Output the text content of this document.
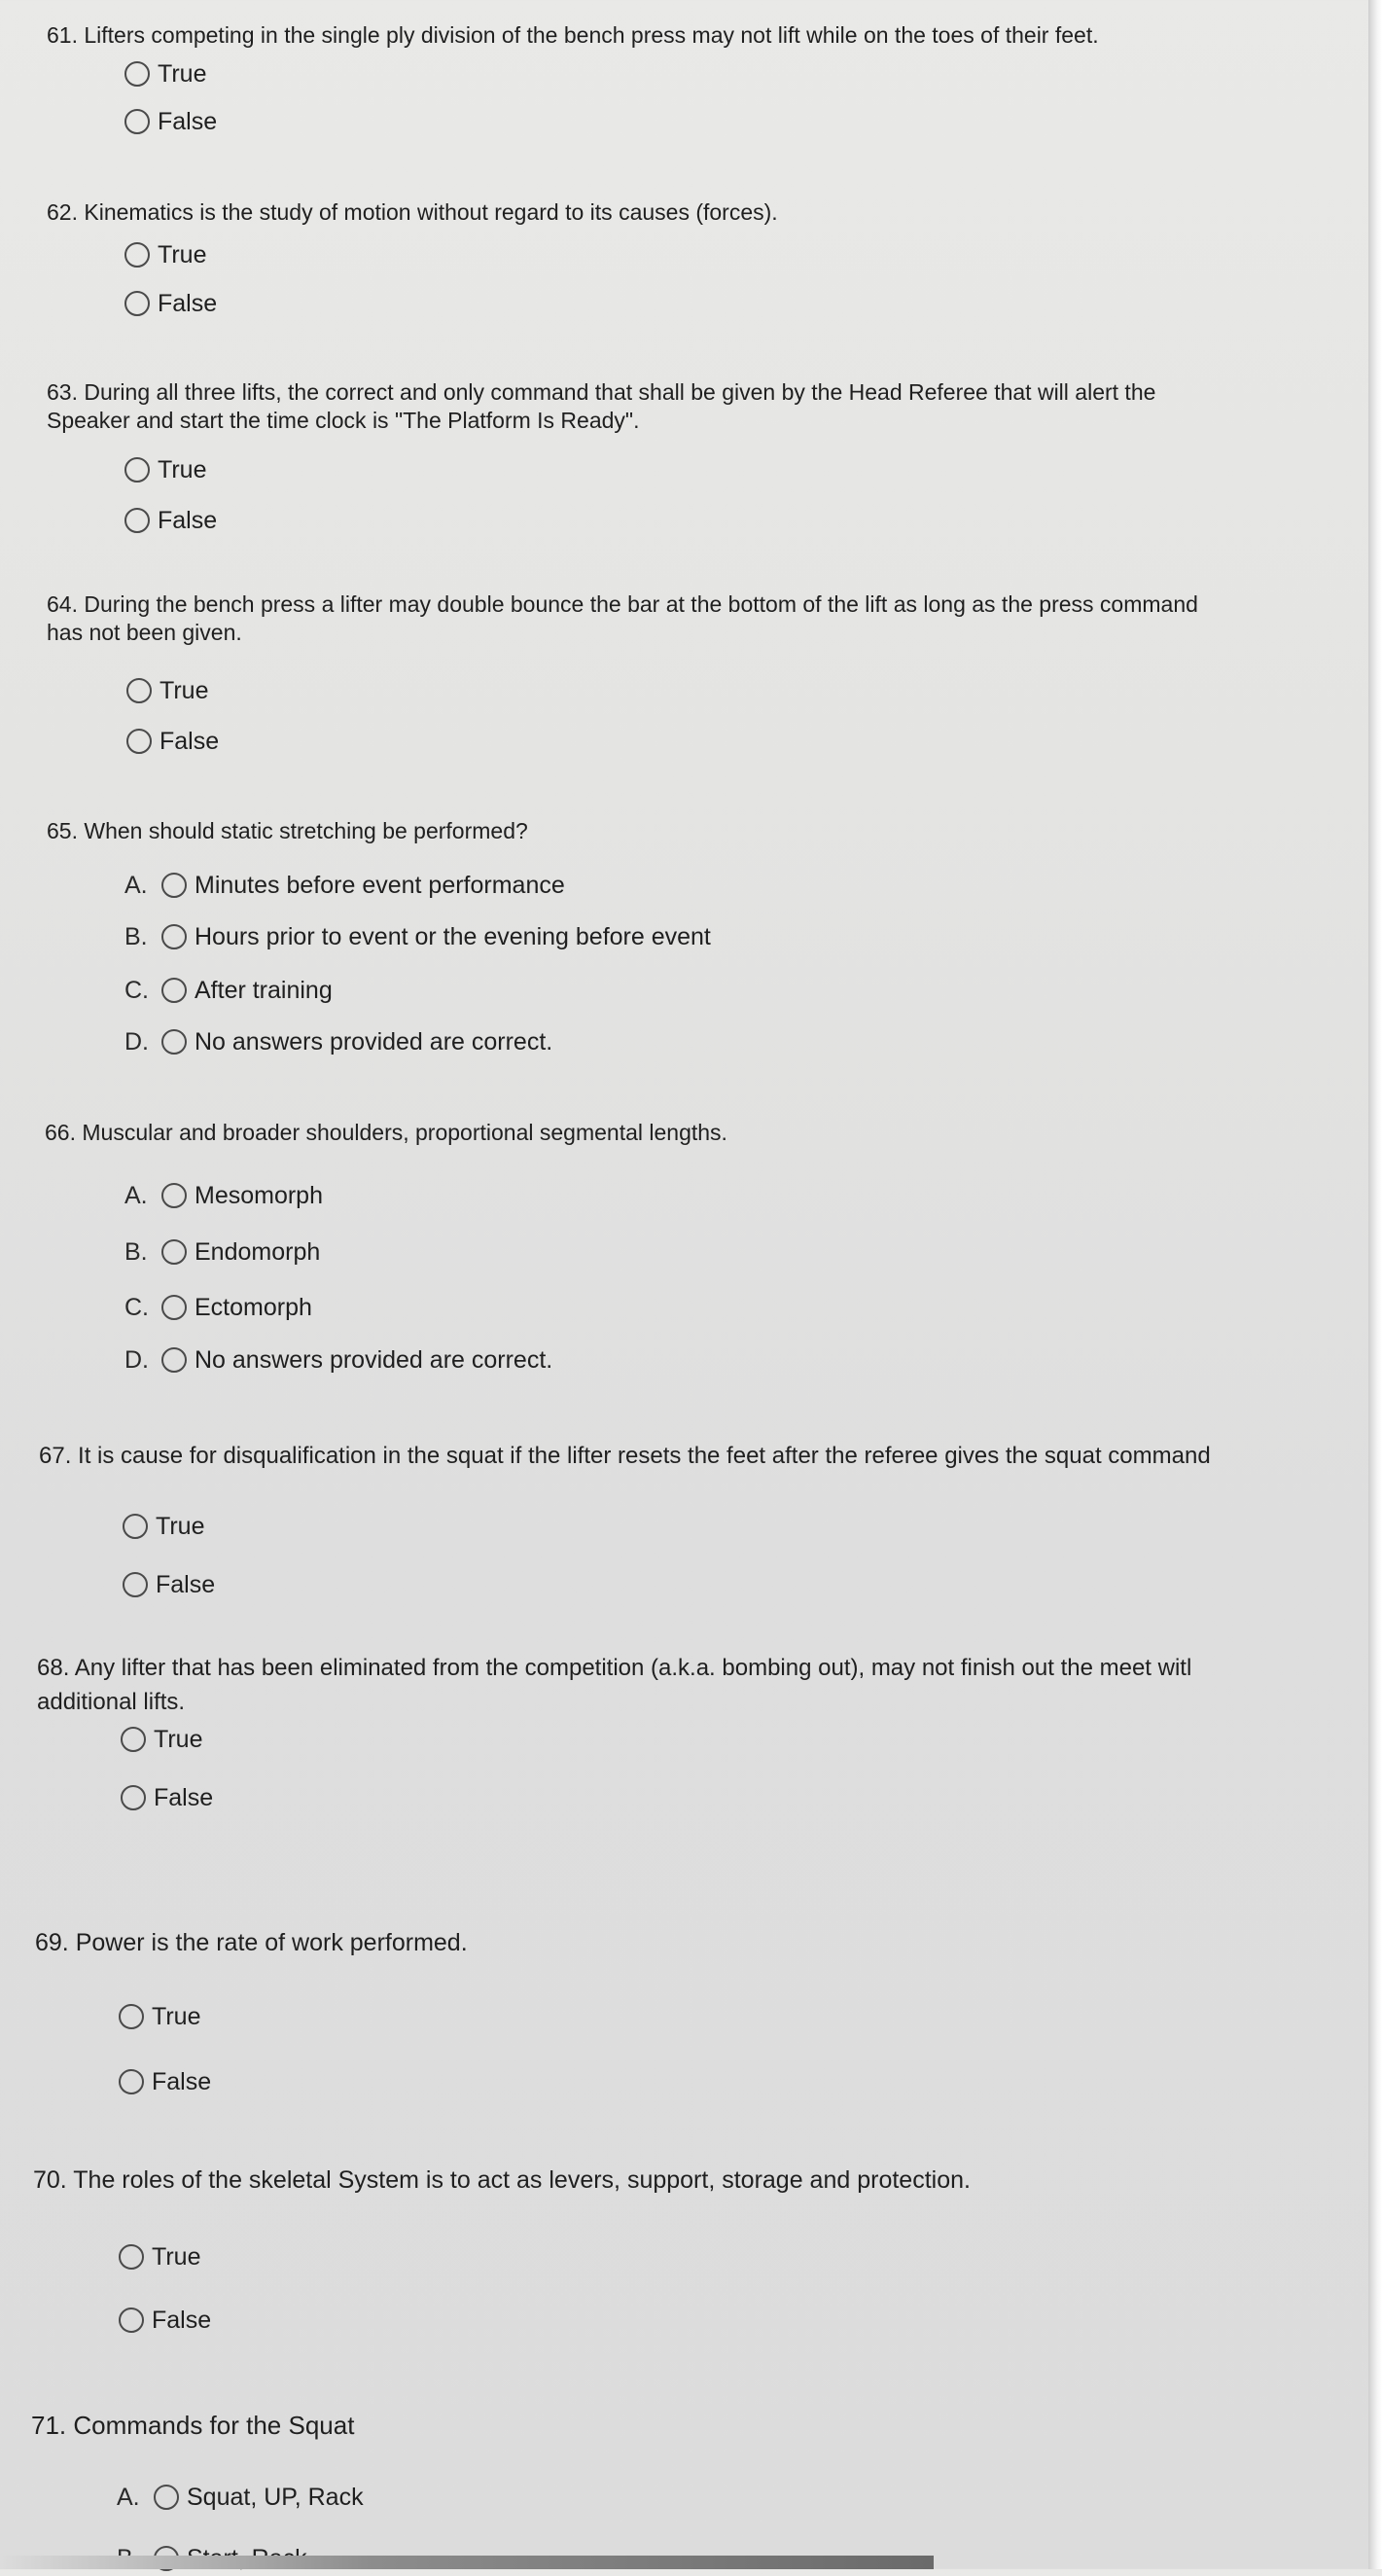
61. Lifters competing in the single ply division of the bench press may not lift while on the toes of their feet.

True
False

62. Kinematics is the study of motion without regard to its causes (forces).

True
False

63. During all three lifts, the correct and only command that shall be given by the Head Referee that will alert the
Speaker and start the time clock is "The Platform Is Ready".

True
False

64. During the bench press a lifter may double bounce the bar at the bottom of the lift as long as the press command
has not been given.

True
False

65. When should static stretching be performed?

A.	Minutes before event performance
B.	Hours prior to event or the evening before event
C.	After training
D.	No answers provided are correct.

66. Muscular and broader shoulders, proportional segmental lengths.

A.	Mesomorph
B.	Endomorph
C.	Ectomorph
D.	No answers provided are correct.

67. It is cause for disqualification in the squat if the lifter resets the feet after the referee gives the squat command

True
False

68. Any lifter that has been eliminated from the competition (a.k.a. bombing out), may not finish out the meet witl
additional lifts.

True
False

69. Power is the rate of work performed.

True
False

70. The roles of the skeletal System is to act as levers, support, storage and protection.

True
False

71. Commands for the Squat

A.	Squat, UP, Rack
